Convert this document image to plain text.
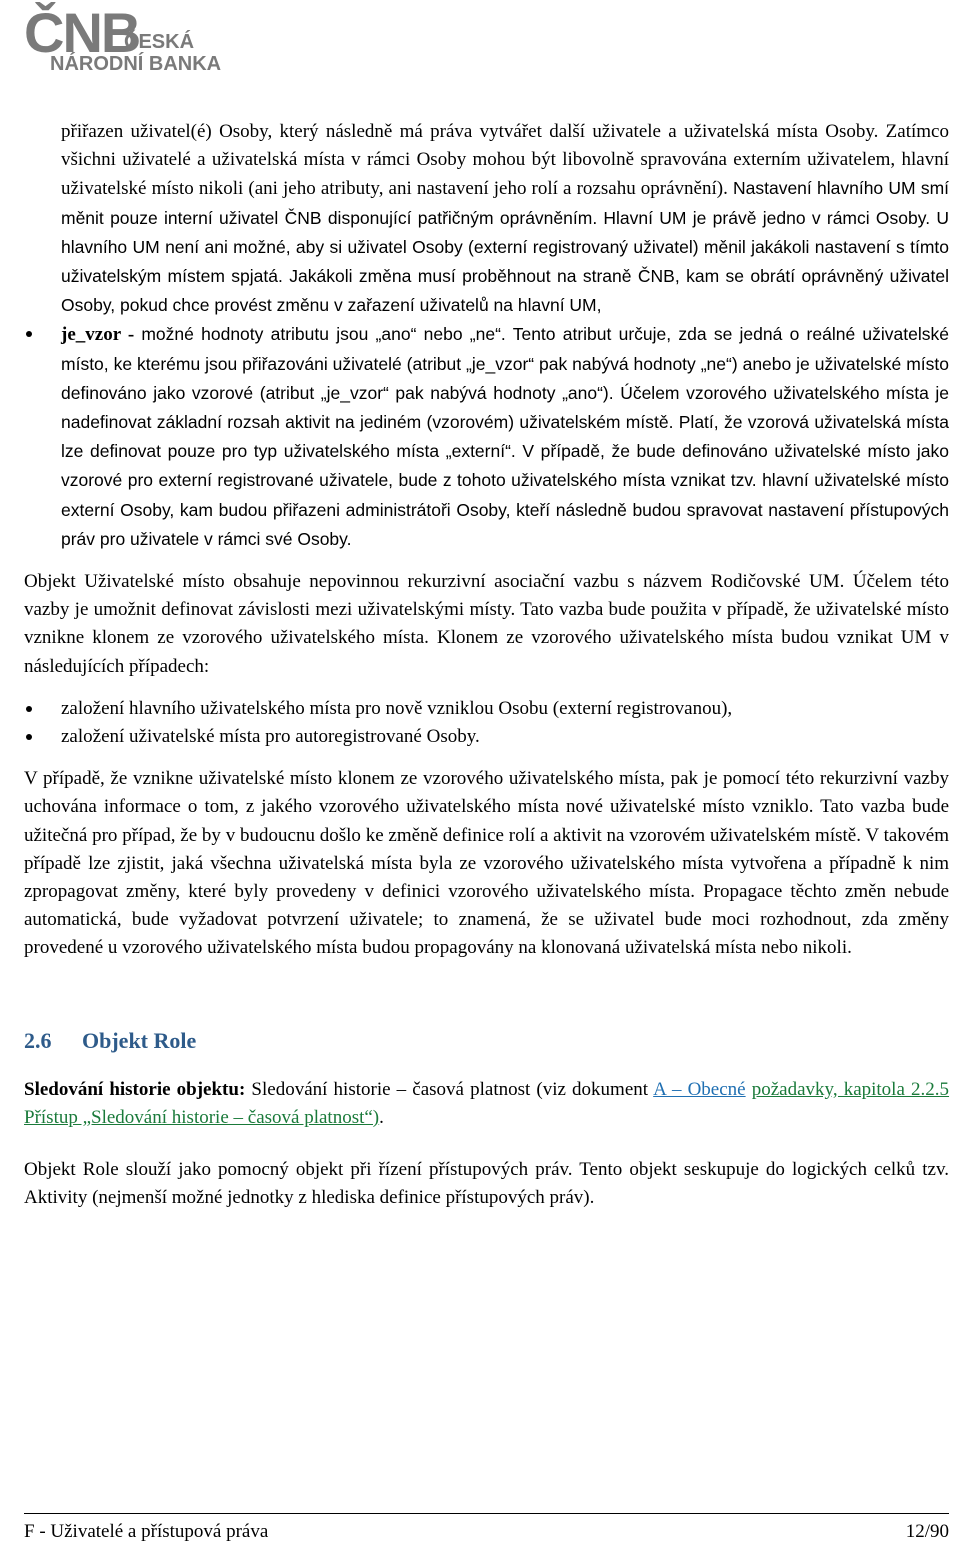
ČNB
ČESKÁ
NÁRODNÍ BANKA

přiřazen uživatel(é) Osoby, který následně má práva vytvářet další uživatele a uživatelská místa Osoby. Zatímco všichni uživatelé a uživatelská místa v rámci Osoby mohou být libovolně spravována externím uživatelem, hlavní uživatelské místo nikoli (ani jeho atributy, ani nastavení jeho rolí a rozsahu oprávnění). Nastavení hlavního UM smí měnit pouze interní uživatel ČNB disponující patřičným oprávněním. Hlavní UM je právě jedno v rámci Osoby. U hlavního UM není ani možné, aby si uživatel Osoby (externí registrovaný uživatel) měnil jakákoli nastavení s tímto uživatelským místem spjatá. Jakákoli změna musí proběhnout na straně ČNB, kam se obrátí oprávněný uživatel Osoby, pokud chce provést změnu v zařazení uživatelů na hlavní UM,

je_vzor - možné hodnoty atributu jsou „ano“ nebo „ne“. Tento atribut určuje, zda se jedná o reálné uživatelské místo, ke kterému jsou přiřazováni uživatelé (atribut „je_vzor“ pak nabývá hodnoty „ne“) anebo je uživatelské místo definováno jako vzorové (atribut „je_vzor“ pak nabývá hodnoty „ano“). Účelem vzorového uživatelského místa je nadefinovat základní rozsah aktivit na jediném (vzorovém) uživatelském místě. Platí, že vzorová uživatelská místa lze definovat pouze pro typ uživatelského místa „externí“. V případě, že bude definováno uživatelské místo jako vzorové pro externí registrované uživatele, bude z tohoto uživatelského místa vznikat tzv. hlavní uživatelské místo externí Osoby, kam budou přiřazeni administrátoři Osoby, kteří následně budou spravovat nastavení přístupových práv pro uživatele v rámci své Osoby.

Objekt Uživatelské místo obsahuje nepovinnou rekurzivní asociační vazbu s názvem Rodičovské UM. Účelem této vazby je umožnit definovat závislosti mezi uživatelskými místy. Tato vazba bude použita v případě, že uživatelské místo vznikne klonem ze vzorového uživatelského místa. Klonem ze vzorového uživatelského místa budou vznikat UM v následujících případech:

založení hlavního uživatelského místa pro nově vzniklou Osobu (externí registrovanou),
založení uživatelské místa pro autoregistrované Osoby.

V případě, že vznikne uživatelské místo klonem ze vzorového uživatelského místa, pak je pomocí této rekurzivní vazby uchována informace o tom, z jakého vzorového uživatelského místa nové uživatelské místo vzniklo. Tato vazba bude užitečná pro případ, že by v budoucnu došlo ke změně definice rolí a aktivit na vzorovém uživatelském místě. V takovém případě lze zjistit, jaká všechna uživatelská místa byla ze vzorového uživatelského místa vytvořena a případně k nim zpropagovat změny, které byly provedeny v definici vzorového uživatelského místa. Propagace těchto změn nebude automatická, bude vyžadovat potvrzení uživatele; to znamená, že se uživatel bude moci rozhodnout, zda změny provedené u vzorového uživatelského místa budou propagovány na klonovaná uživatelská místa nebo nikoli.

2.6 Objekt Role

Sledování historie objektu: Sledování historie – časová platnost (viz dokument A – Obecné požadavky, kapitola 2.2.5 Přístup „Sledování historie – časová platnost“).

Objekt Role slouží jako pomocný objekt při řízení přístupových práv. Tento objekt seskupuje do logických celků tzv. Aktivity (nejmenší možné jednotky z hlediska definice přístupových práv).

F - Uživatelé a přístupová práva	12/90
